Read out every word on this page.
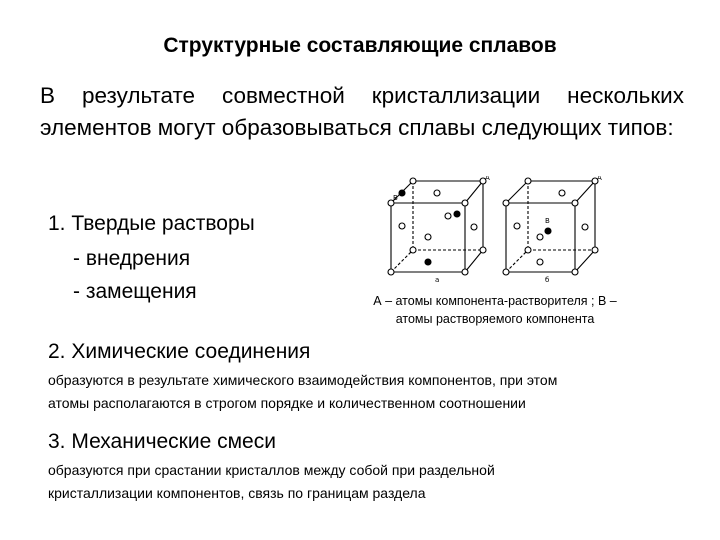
Структурные составляющие сплавов

В результате совместной кристаллизации нескольких элементов могут образовываться сплавы следующих типов:

1. Твердые растворы
- внедрения
- замещения
A
B
а
A
B
б
А – атомы компонента-растворителя ; В –
атомы растворяемого компонента
2. Химические соединения
образуются в результате химического взаимодействия компонентов, при этом
атомы располагаются в строгом порядке и количественном соотношении
3. Механические смеси
образуются при срастании кристаллов между собой при раздельной
кристаллизации компонентов, связь по границам раздела
